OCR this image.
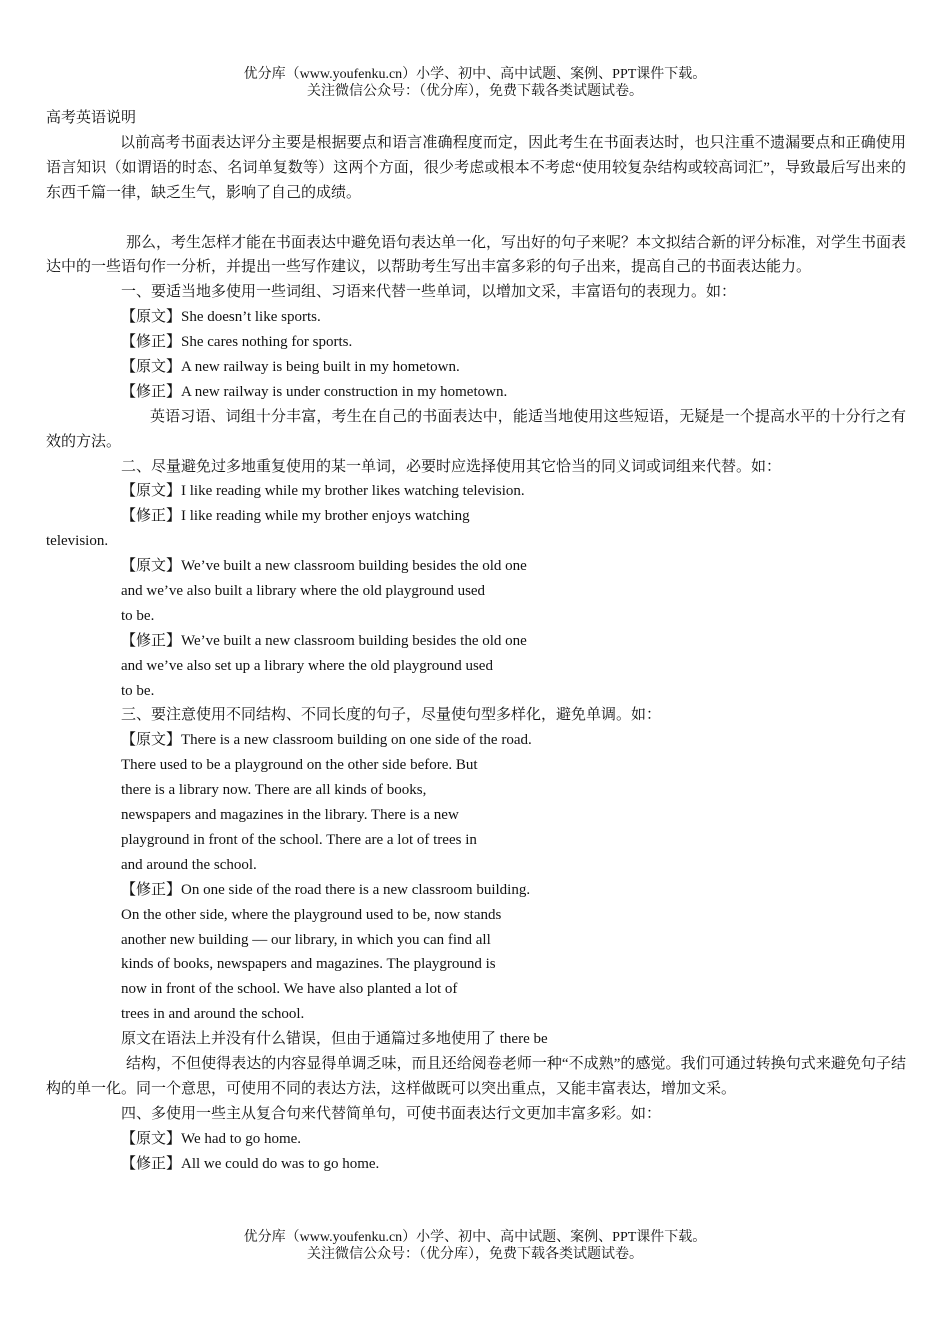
优分库（www.youfenku.cn）小学、初中、高中试题、案例、PPT课件下载。
关注微信公众号：（优分库），免费下载各类试题试卷。
高考英语说明
以前高考书面表达评分主要是根据要点和语言准确程度而定，因此考生在书面表达时，也只注重不遗漏要点和正确使用语言知识（如谓语的时态、名词单复数等）这两个方面，很少考虑或根本不考虑“使用较复杂结构或较高词汇”，导致最后写出来的东西千篇一律，缺乏生气，影响了自己的成绩。
那么，考生怎样才能在书面表达中避免语句表达单一化，写出好的句子来呢？本文拟结合新的评分标准，对学生书面表达中的一些语句作一分析，并提出一些写作建议，以帮助考生写出丰富多彩的句子出来，提高自己的书面表达能力。
一、要适当地多使用一些词组、习语来代替一些单词，以增加文采，丰富语句的表现力。如：
【原文】She doesn’t like sports.
【修正】She cares nothing for sports.
【原文】A new railway is being built in my hometown.
【修正】A new railway is under construction in my hometown.
英语习语、词组十分丰富，考生在自己的书面表达中，能适当地使用这些短语，无疑是一个提高水平的十分行之有效的方法。
二、尽量避免过多地重复使用的某一单词，必要时应选择使用其它恰当的同义词或词组来代替。如：
【原文】I like reading while my brother likes watching television.
【修正】I like reading while my brother enjoys watching
television.
【原文】We’ve built a new classroom building besides the old one
and we’ve also built a library where the old playground used
to be.
【修正】We’ve built a new classroom building besides the old one
and we’ve also set up a library where the old playground used
to be.
三、要注意使用不同结构、不同长度的句子，尽量使句型多样化，避免单调。如：
【原文】There is a new classroom building on one side of the road.
There used to be a playground on the other side before. But
there is a library now. There are all kinds of books,
newspapers and magazines in the library. There is a new
playground in front of the school. There are a lot of trees in
and around the school.
【修正】On one side of the road there is a new classroom building.
On the other side, where the playground used to be, now stands
another new building — our library, in which you can find all
kinds of books, newspapers and magazines. The playground is
now in front of the school. We have also planted a lot of
trees in and around the school.
原文在语法上并没有什么错误，但由于通篇过多地使用了 there be
结构，不但使得表达的内容显得单调乏味，而且还给阅卷老师一种“不成熟”的感觉。我们可通过转换句式来避免句子结构的单一化。同一个意思，可使用不同的表达方法，这样做既可以突出重点，又能丰富表达，增加文采。
四、多使用一些主从复合句来代替简单句，可使书面表达行文更加丰富多彩。如：
【原文】We had to go home.
【修正】All we could do was to go home.
优分库（www.youfenku.cn）小学、初中、高中试题、案例、PPT课件下载。
关注微信公众号：（优分库），免费下载各类试题试卷。
